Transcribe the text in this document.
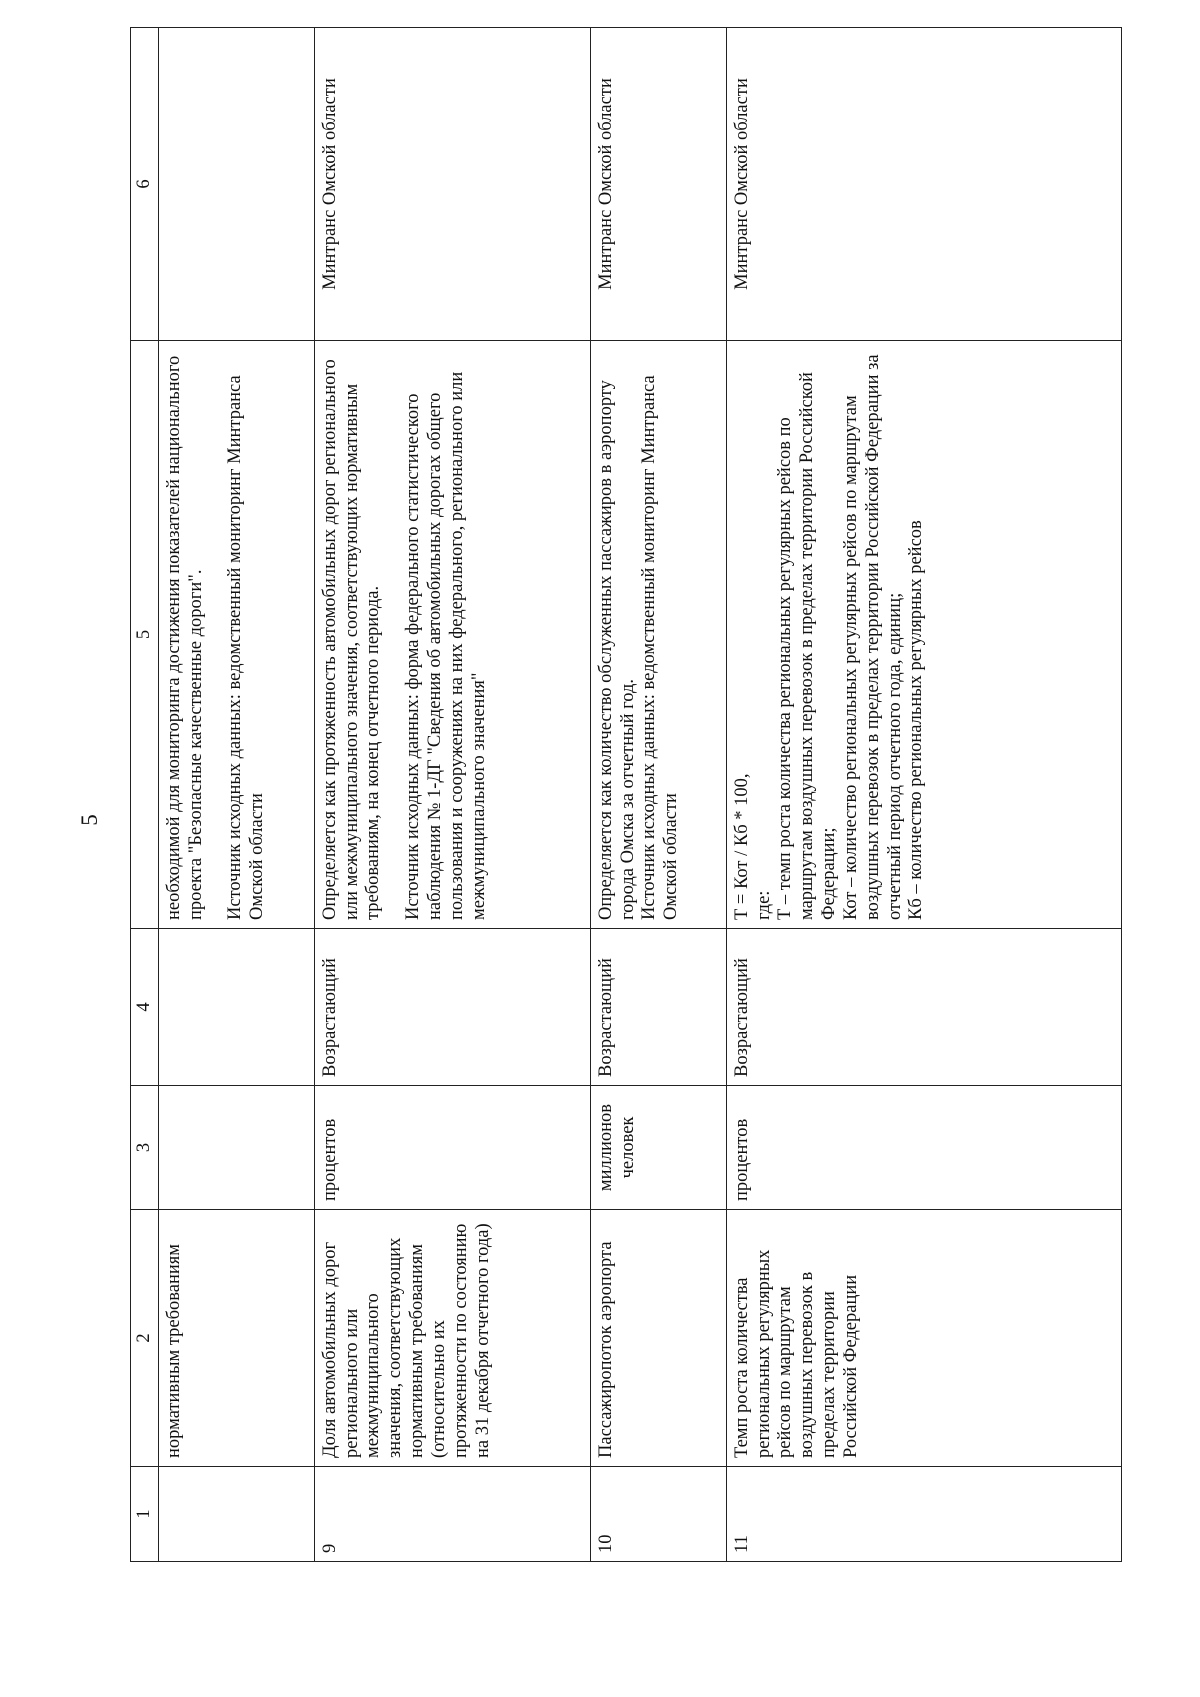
5
1	2	3	4	5	6
	нормативным требованиям			необходимой для мониторинга достижения показателей национального проекта "Безопасные качественные дороги". Источник исходных данных: ведомственный мониторинг Минтранса Омской области	

9	Доля автомобильных дорог регионального или межмуниципального значения, соответствующих нормативным требованиям (относительно их протяженности по состоянию на 31 декабря отчетного года)	процентов	Возрастающий	Определяется как протяженность автомобильных дорог регионального или межмуниципального значения, соответствующих нормативным требованиям, на конец отчетного периода. Источник исходных данных: форма федерального статистического наблюдения № 1-ДГ "Сведения об автомобильных дорогах общего пользования и сооружениях на них федерального, регионального или межмуниципального значения"	Минтранс Омской области
10	Пассажиропоток аэропорта	миллионов человек	Возрастающий	Определяется как количество обслуженных пассажиров в аэропорту города Омска за отчетный год. Источник исходных данных: ведомственный мониторинг Минтранса Омской области	Минтранс Омской области
11	Темп роста количества региональных регулярных рейсов по маршрутам воздушных перевозок в пределах территории Российской Федерации	процентов	Возрастающий	Т = Кот / Кб * 100, где: Т – темп роста количества региональных регулярных рейсов по маршрутам воздушных перевозок в пределах территории Российской Федерации; Кот – количество региональных регулярных рейсов по маршрутам воздушных перевозок в пределах территории Российской Федерации за отчетный период отчетного года, единиц; Кб – количество региональных регулярных рейсов	Минтранс Омской области
